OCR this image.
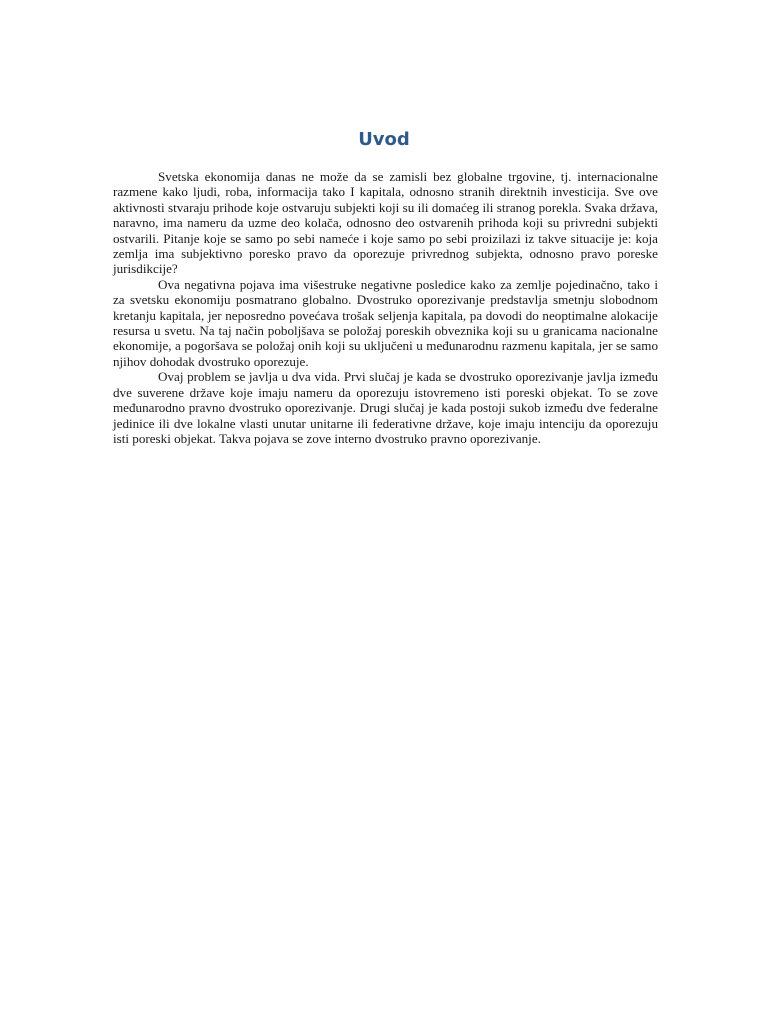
Uvod

Svetska ekonomija danas ne može da se zamisli bez globalne trgovine, tj. internacionalne razmene kako ljudi, roba, informacija tako I kapitala, odnosno stranih direktnih investicija. Sve ove aktivnosti stvaraju prihode koje ostvaruju subjekti koji su ili domaćeg ili stranog porekla. Svaka država, naravno, ima nameru da uzme deo kolača, odnosno deo ostvarenih prihoda koji su privredni subjekti ostvarili. Pitanje koje se samo po sebi nameće i koje samo po sebi proizilazi iz takve situacije je: koja zemlja ima subjektivno poresko pravo da oporezuje privrednog subjekta, odnosno pravo poreske jurisdikcije?

Ova negativna pojava ima višestruke negativne posledice kako za zemlje pojedinačno, tako i za svetsku ekonomiju posmatrano globalno. Dvostruko oporezivanje predstavlja smetnju slobodnom kretanju kapitala, jer neposredno povećava trošak seljenja kapitala, pa dovodi do neoptimalne alokacije resursa u svetu. Na taj način poboljšava se položaj poreskih obveznika koji su u granicama nacionalne ekonomije, a pogoršava se položaj onih koji su uključeni u međunarodnu razmenu kapitala, jer se samo njihov dohodak dvostruko oporezuje.

Ovaj problem se javlja u dva vida. Prvi slučaj je kada se dvostruko oporezivanje javlja između dve suverene države koje imaju nameru da oporezuju istovremeno isti poreski objekat. To se zove međunarodno pravno dvostruko oporezivanje. Drugi slučaj je kada postoji sukob između dve federalne jedinice ili dve lokalne vlasti unutar unitarne ili federativne države, koje imaju intenciju da oporezuju isti poreski objekat. Takva pojava se zove interno dvostruko pravno oporezivanje.
